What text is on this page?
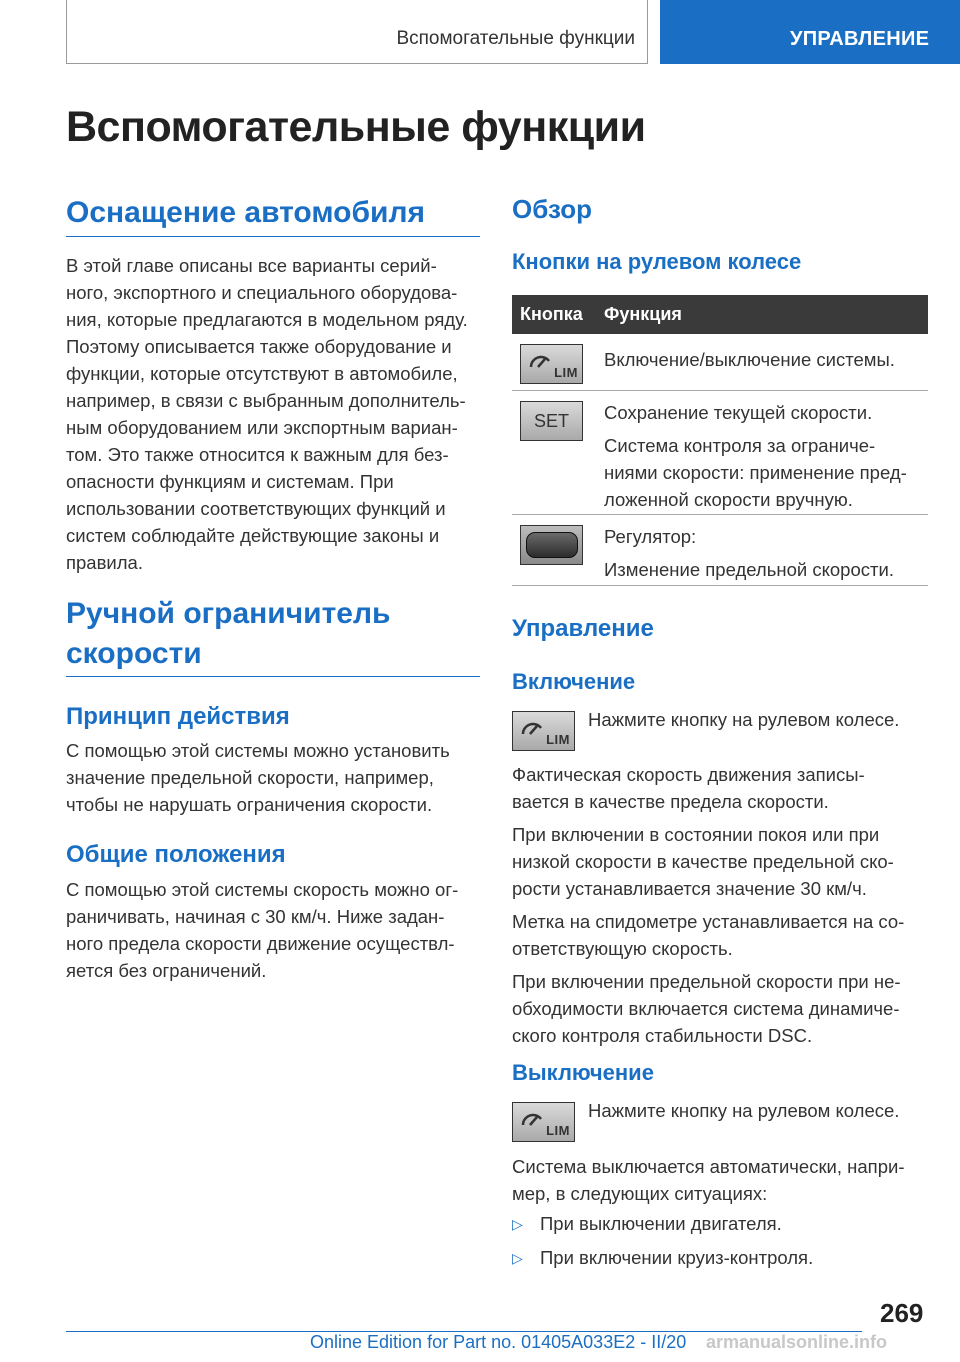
Вспомогательные функции	УПРАВЛЕНИЕ
Вспомогательные функции
Оснащение автомобиля
В этой главе описаны все варианты серий-
ного, экспортного и специального оборудова-
ния, которые предлагаются в модельном ряду.
Поэтому описывается также оборудование и
функции, которые отсутствуют в автомобиле,
например, в связи с выбранным дополнитель-
ным оборудованием или экспортным вариан-
том. Это также относится к важным для без-
опасности функциям и системам. При
использовании соответствующих функций и
систем соблюдайте действующие законы и
правила.
Ручной ограничитель
скорости
Принцип действия
С помощью этой системы можно установить
значение предельной скорости, например,
чтобы не нарушать ограничения скорости.
Общие положения
С помощью этой системы скорость можно ог-
раничивать, начиная с 30 км/ч. Ниже задан-
ного предела скорости движение осуществл-
яется без ограничений.
Обзор
Кнопки на рулевом колесе
Кнопка Функция
LIM
Включение/выключение системы.
SET	Сохранение текущей скорости.
Система контроля за ограниче-
ниями скорости: применение пред-
ложенной скорости вручную.
Регулятор:
Изменение предельной скорости.
Управление
Включение
LIM
Нажмите кнопку на рулевом колесе.
Фактическая скорость движения записы-
вается в качестве предела скорости.
При включении в состоянии покоя или при
низкой скорости в качестве предельной ско-
рости устанавливается значение 30 км/ч.
Метка на спидометре устанавливается на со-
ответствующую скорость.
При включении предельной скорости при не-
обходимости включается система динамиче-
ского контроля стабильности DSC.
Выключение
LIM
Нажмите кнопку на рулевом колесе.
Система выключается автоматически, напри-
мер, в следующих ситуациях:
▷ При выключении двигателя.
▷ При включении круиз-контроля.
269
Online Edition for Part no. 01405A033E2 - II/20 armanualsonline.info
